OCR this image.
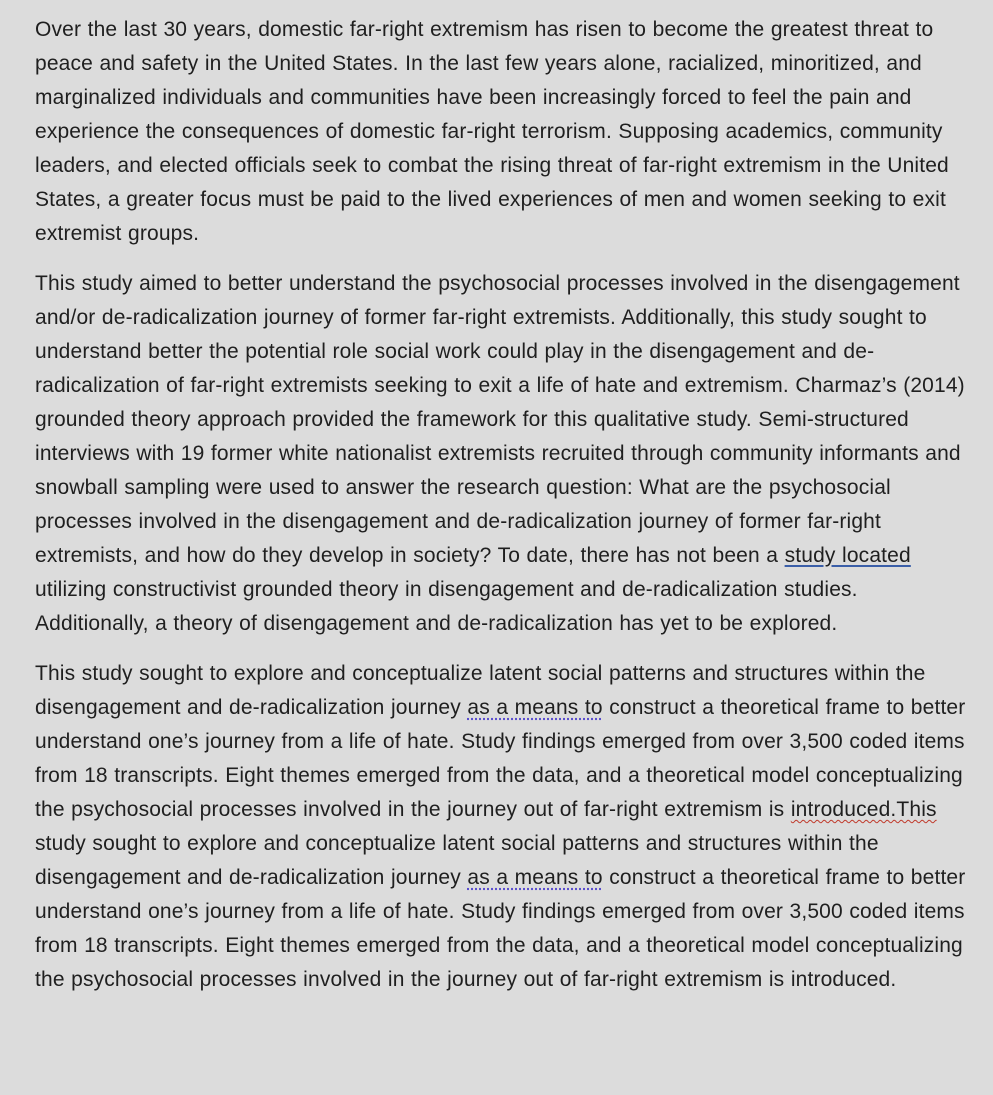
Over the last 30 years, domestic far-right extremism has risen to become the greatest threat to peace and safety in the United States. In the last few years alone, racialized, minoritized, and marginalized individuals and communities have been increasingly forced to feel the pain and experience the consequences of domestic far-right terrorism. Supposing academics, community leaders, and elected officials seek to combat the rising threat of far-right extremism in the United States, a greater focus must be paid to the lived experiences of men and women seeking to exit extremist groups.

This study aimed to better understand the psychosocial processes involved in the disengagement and/or de-radicalization journey of former far-right extremists. Additionally, this study sought to understand better the potential role social work could play in the disengagement and de-radicalization of far-right extremists seeking to exit a life of hate and extremism. Charmaz’s (2014) grounded theory approach provided the framework for this qualitative study. Semi-structured interviews with 19 former white nationalist extremists recruited through community informants and snowball sampling were used to answer the research question: What are the psychosocial processes involved in the disengagement and de-radicalization journey of former far-right extremists, and how do they develop in society? To date, there has not been a study located utilizing constructivist grounded theory in disengagement and de-radicalization studies. Additionally, a theory of disengagement and de-radicalization has yet to be explored.

This study sought to explore and conceptualize latent social patterns and structures within the disengagement and de-radicalization journey as a means to construct a theoretical frame to better understand one’s journey from a life of hate. Study findings emerged from over 3,500 coded items from 18 transcripts. Eight themes emerged from the data, and a theoretical model conceptualizing the psychosocial processes involved in the journey out of far-right extremism is introduced.This study sought to explore and conceptualize latent social patterns and structures within the disengagement and de-radicalization journey as a means to construct a theoretical frame to better understand one’s journey from a life of hate. Study findings emerged from over 3,500 coded items from 18 transcripts. Eight themes emerged from the data, and a theoretical model conceptualizing the psychosocial processes involved in the journey out of far-right extremism is introduced.
